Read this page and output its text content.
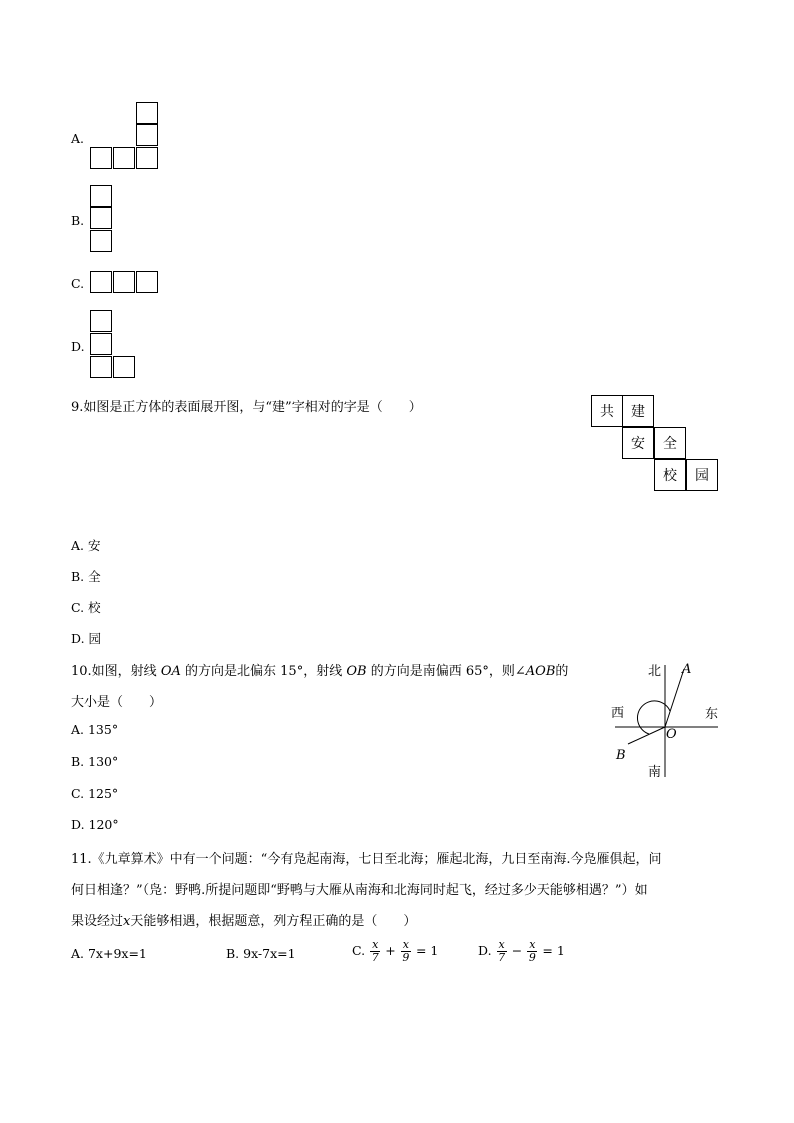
A.
B.
C.
D.
9.如图是正方体的表面展开图，与“建”字相对的字是（　　）	共	建
安	全
校	园
A. 安
B. 全
C. 校
D. 园
10.如图，射线 OA 的方向是北偏东 15°，射线 OB 的方向是南偏西 65°，则∠AOB的
大小是（　　）
A. 135°
B. 130°
C. 125°
D. 120°
北 A
西	东
O
B
南
11.《九章算术》中有一个问题：“今有凫起南海，七日至北海；雁起北海，九日至南海.今凫雁俱起，问
何日相逢？”（凫：野鸭.所提问题即“野鸭与大雁从南海和北海同时起飞，经过多少天能够相遇？”）如
果设经过x天能够相遇，根据题意，列方程正确的是（　　）
A. 7x+9x=1	B. 9x-7x=1	C. $\frac{x}{7} + \frac{x}{9} = 1$	D. $\frac{x}{7} - \frac{x}{9} = 1$
